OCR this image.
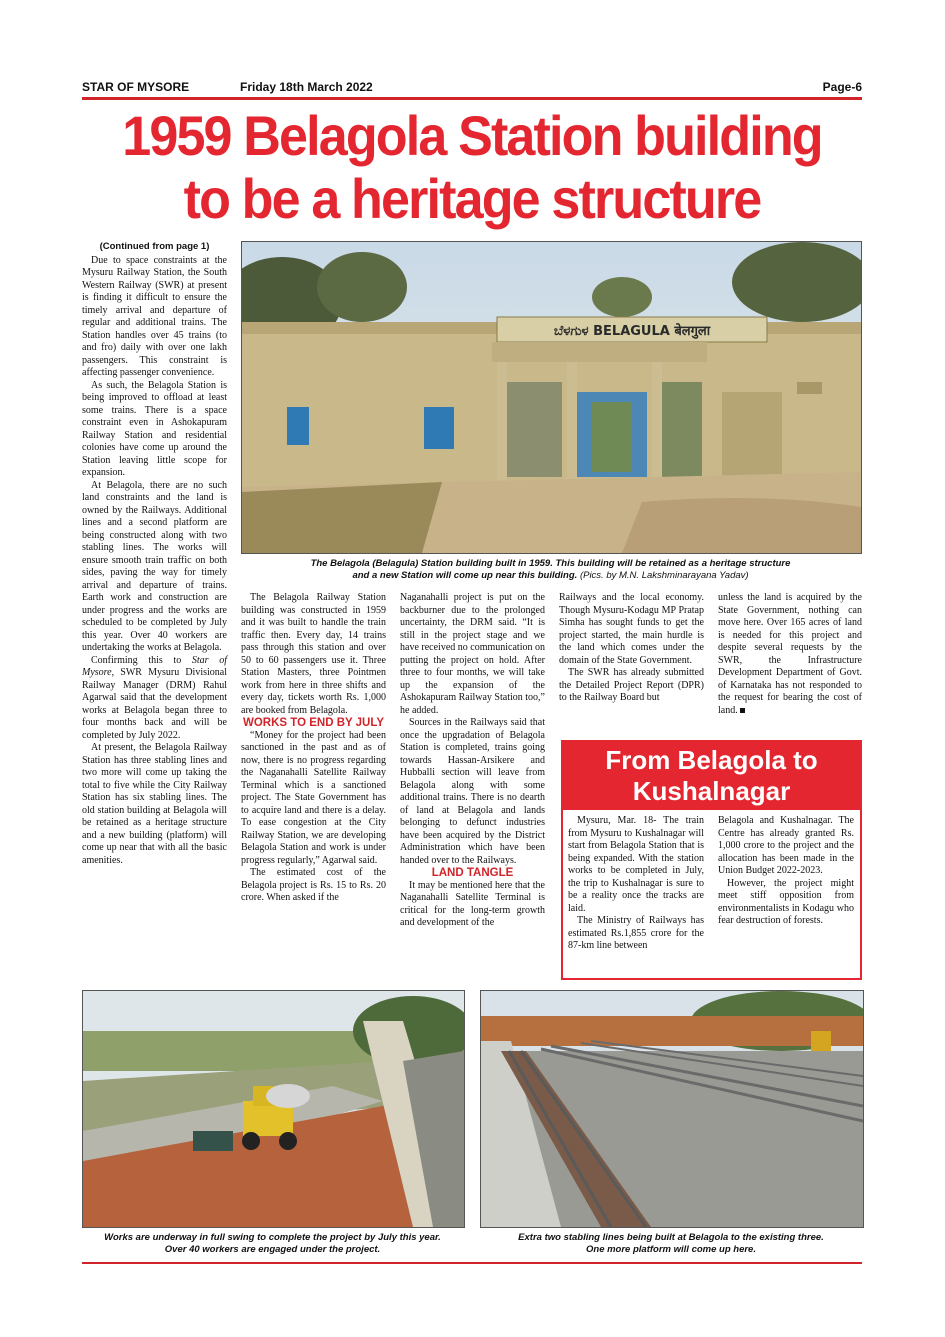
STAR OF MYSORE	Friday 18th March 2022	Page-6
1959 Belagola Station building
to be a heritage structure

(Continued from page 1)

Due to space constraints at the Mysuru Railway Station, the South Western Railway (SWR) at present is finding it difficult to ensure the timely arrival and departure of regular and additional trains. The Station handles over 45 trains (to and fro) daily with over one lakh passengers. This constraint is affecting passenger convenience.

As such, the Belagola Station is being improved to offload at least some trains. There is a space constraint even in Ashokapuram Railway Station and residential colonies have come up around the Station leaving little scope for expansion.

At Belagola, there are no such land constraints and the land is owned by the Railways. Additional lines and a second platform are being constructed along with two stabling lines. The works will ensure smooth train traffic on both sides, paving the way for timely arrival and departure of trains. Earth work and construction are under progress and the works are scheduled to be completed by July this year. Over 40 workers are undertaking the works at Belagola.

Confirming this to Star of Mysore, SWR Mysuru Divisional Railway Manager (DRM) Rahul Agarwal said that the development works at Belagola began three to four months back and will be completed by July 2022.

At present, the Belagola Railway Station has three stabling lines and two more will come up taking the total to five while the City Railway Station has six stabling lines. The old station building at Belagola will be retained as a heritage structure and a new building (platform) will come up near that with all the basic amenities.

ಬೆಳಗುಳ BELAGULA बेलगुला
The Belagola (Belagula) Station building built in 1959. This building will be retained as a heritage structure
and a new Station will come up near this building. (Pics. by M.N. Lakshminarayana Yadav)

The Belagola Railway Station building was constructed in 1959 and it was built to handle the train traffic then. Every day, 14 trains pass through this station and over 50 to 60 passengers use it. Three Station Masters, three Pointmen work from here in three shifts and every day, tickets worth Rs. 1,000 are booked from Belagola.

WORKS TO END BY JULY

“Money for the project had been sanctioned in the past and as of now, there is no progress regarding the Naganahalli Satellite Railway Terminal which is a sanctioned project. The State Government has to acquire land and there is a delay. To ease congestion at the City Railway Station, we are developing Belagola Station and work is under progress regularly,” Agarwal said.

The estimated cost of the Belagola project is Rs. 15 to Rs. 20 crore. When asked if the

Naganahalli project is put on the backburner due to the prolonged uncertainty, the DRM said. “It is still in the project stage and we have received no communication on putting the project on hold. After three to four months, we will take up the expansion of the Ashokapuram Railway Station too,” he added.

Sources in the Railways said that once the upgradation of Belagola Station is completed, trains going towards Hassan-Arsikere and Hubballi section will leave from Belagola along with some additional trains. There is no dearth of land at Belagola and lands belonging to defunct industries have been acquired by the District Administration which have been handed over to the Railways.

LAND TANGLE

It may be mentioned here that the Naganahalli Satellite Terminal is critical for the long-term growth and development of the

Railways and the local economy. Though Mysuru-Kodagu MP Pratap Simha has sought funds to get the project started, the main hurdle is the land which comes under the domain of the State Government.

The SWR has already submitted the Detailed Project Report (DPR) to the Railway Board but

unless the land is acquired by the State Government, nothing can move here. Over 165 acres of land is needed for this project and despite several requests by the SWR, the Infrastructure Development Department of Govt. of Karnataka has not responded to the request for bearing the cost of land.

From Belagola to Kushalnagar

Mysuru, Mar. 18- The train from Mysuru to Kushalnagar will start from Belagola Station that is being expanded. With the station works to be completed in July, the trip to Kushalnagar is sure to be a reality once the tracks are laid.

The Ministry of Railways has estimated Rs.1,855 crore for the 87-km line between

Belagola and Kushalnagar. The Centre has already granted Rs. 1,000 crore to the project and the allocation has been made in the Union Budget 2022-2023.

However, the project might meet stiff opposition from environmentalists in Kodagu who fear destruction of forests.

Works are underway in full swing to complete the project by July this year.
Over 40 workers are engaged under the project.
Extra two stabling lines being built at Belagola to the existing three.
One more platform will come up here.
